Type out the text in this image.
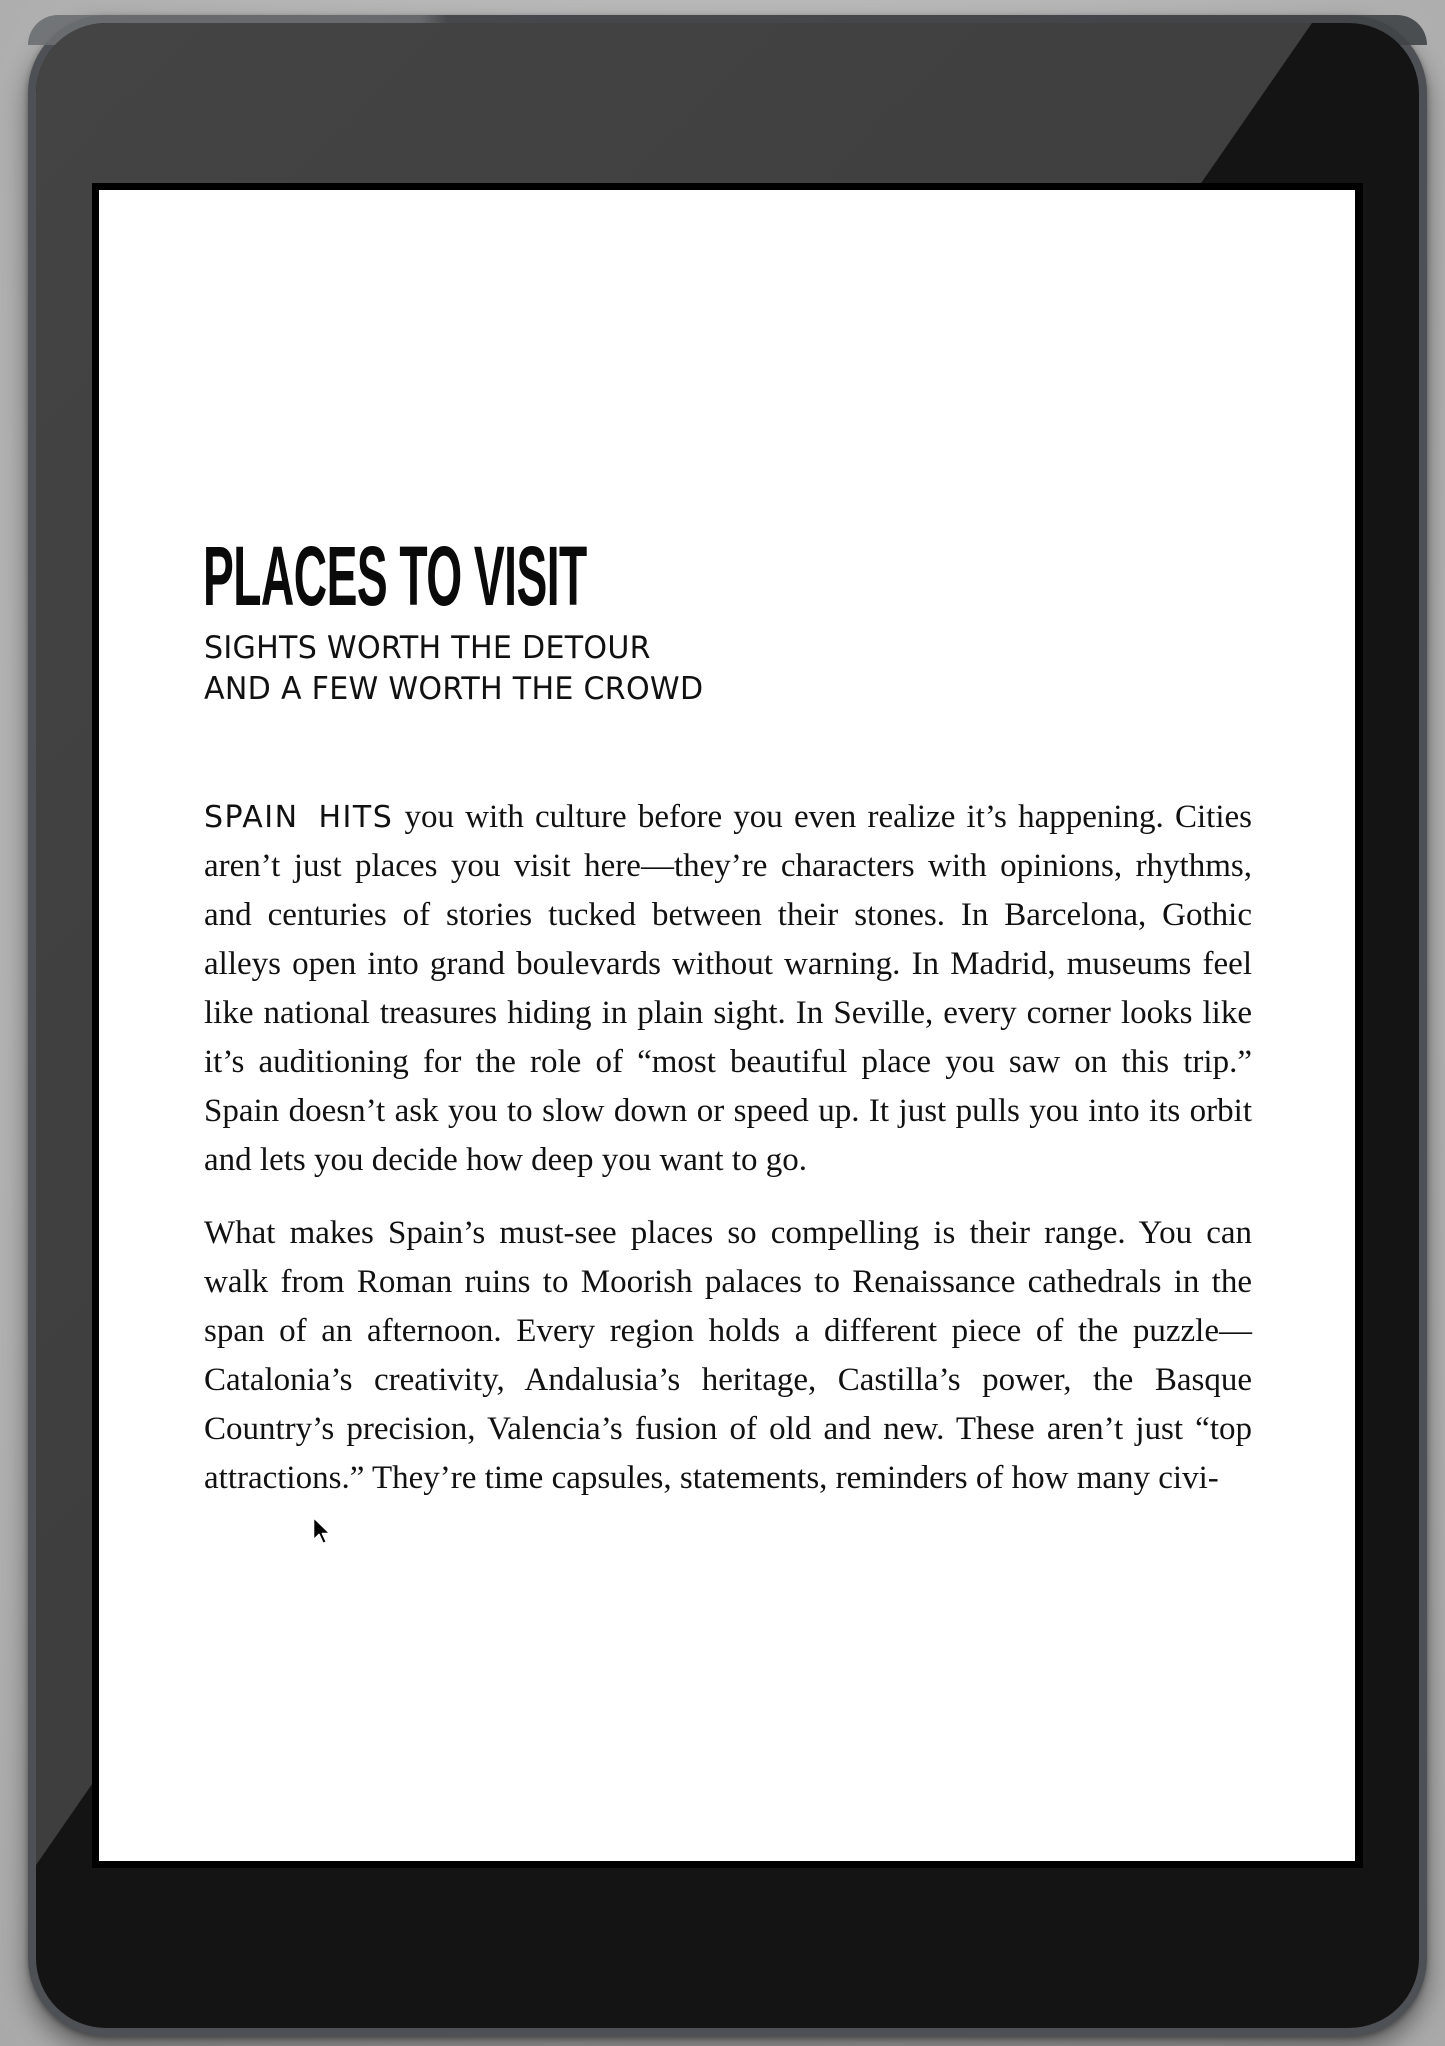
PLACES TO VISIT
SIGHTS WORTH THE DETOUR
AND A FEW WORTH THE CROWD

SPAIN HITS you with culture before you even realize it’s happening. Cities aren’t just places you visit here—they’re characters with opinions, rhythms, and centuries of stories tucked between their stones. In Barcelona, Gothic alleys open into grand boulevards without warning. In Madrid, museums feel like national treasures hiding in plain sight. In Seville, every corner looks like it’s auditioning for the role of “most beautiful place you saw on this trip.” Spain doesn’t ask you to slow down or speed up. It just pulls you into its orbit and lets you decide how deep you want to go.

What makes Spain’s must-see places so compelling is their range. You can walk from Roman ruins to Moorish palaces to Renaissance cathedrals in the span of an afternoon. Every region holds a different piece of the puzzle—Catalonia’s creativity, Andalusia’s heritage, Castilla’s power, the Basque Country’s precision, Valencia’s fusion of old and new. These aren’t just “top attractions.” They’re time capsules, statements, reminders of how many civi-
